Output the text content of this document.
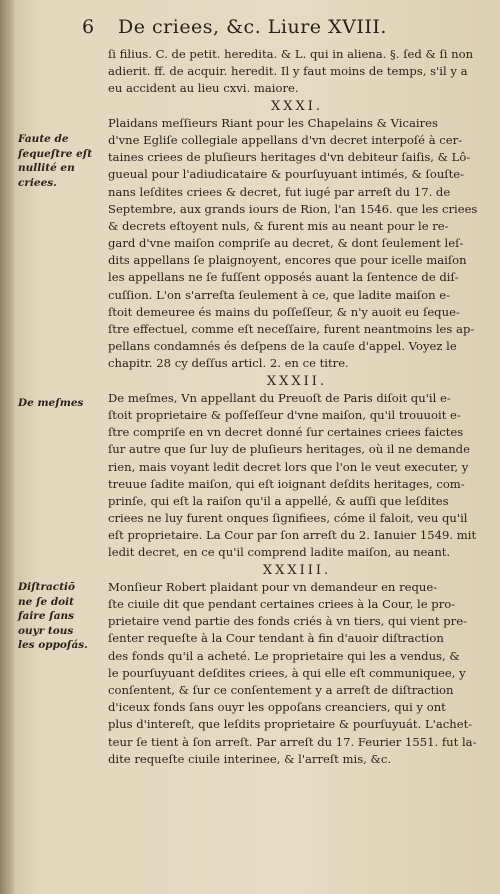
6 De criees, &c. Liure XVIII.
ſi filius. C. de petit. heredita. & L. qui in aliena. §. ſed & ſi non
adierit. ff. de acquir. heredit. Il y faut moins de temps, s'il y a
eu accident au lieu cxvi. maiore.
XXXI.
Plaidans meſſieurs Riant pour les Chapelains & Vicaires
d'vne Egliſe collegiale appellans d'vn decret interpoſé à cer-
taines criees de pluſieurs heritages d'vn debiteur ſaiſis, & Lô-
gueual pour l'adiudicataire & pourſuyuant intimés, & ſouſte-
nans leſdites criees & decret, fut iugé par arreſt du 17. de
Septembre, aux grands iours de Rion, l'an 1546. que les criees
& decrets eſtoyent nuls, & furent mis au neant pour le re-
gard d'vne maiſon compriſe au decret, & dont ſeulement leſ-
dits appellans ſe plaignoyent, encores que pour icelle maiſon
les appellans ne ſe fuſſent opposés auant la ſentence de diſ-
cuſſion. L'on s'arreſta ſeulement à ce, que ladite maiſon e-
ſtoit demeuree és mains du poſſeſſeur, & n'y auoit eu ſeque-
ſtre effectuel, comme eſt neceſſaire, furent neantmoins les ap-
pellans condamnés és deſpens de la cauſe d'appel. Voyez le
chapitr. 28 cy deſſus articl. 2. en ce titre.
XXXII.
De meſmes, Vn appellant du Preuoſt de Paris diſoit qu'il e-
ſtoit proprietaire & poſſeſſeur d'vne maiſon, qu'il trouuoit e-
ſtre compriſe en vn decret donné ſur certaines criees faictes
ſur autre que ſur luy de pluſieurs heritages, où il ne demande
rien, mais voyant ledit decret lors que l'on le veut executer, y
treuue ſadite maiſon, qui eſt ioignant deſdits heritages, com-
prinſe, qui eſt la raiſon qu'il a appellé, & auſſi que leſdites
criees ne luy furent onques ſignifiees, cóme il faloit, veu qu'il
eſt proprietaire. La Cour par ſon arreſt du 2. Ianuier 1549. mit
ledit decret, en ce qu'il comprend ladite maiſon, au neant.
XXXIII.
Monſieur Robert plaidant pour vn demandeur en reque-
ſte ciuile dit que pendant certaines criees à la Cour, le pro-
prietaire vend partie des fonds criés à vn tiers, qui vient pre-
ſenter requeſte à la Cour tendant à fin d'auoir diſtraction
des fonds qu'il a acheté. Le proprietaire qui les a vendus, &
le pourſuyuant deſdites criees, à qui elle eſt communiquee, y
conſentent, & ſur ce conſentement y a arreſt de diſtraction
d'iceux fonds ſans ouyr les oppoſans creanciers, qui y ont
plus d'intereſt, que leſdits proprietaire & pourſuyuát. L'achet-
teur ſe tient à ſon arreſt. Par arreſt du 17. Feurier 1551. fut la-
dite requeſte ciuile interinee, & l'arreſt mis, &c.
Faute de
ſequeſtre eſt
nullité en
criees.
De meſmes
Diſtractiō
ne ſe doit
faire ſans
ouyr tous
les oppoſás.
